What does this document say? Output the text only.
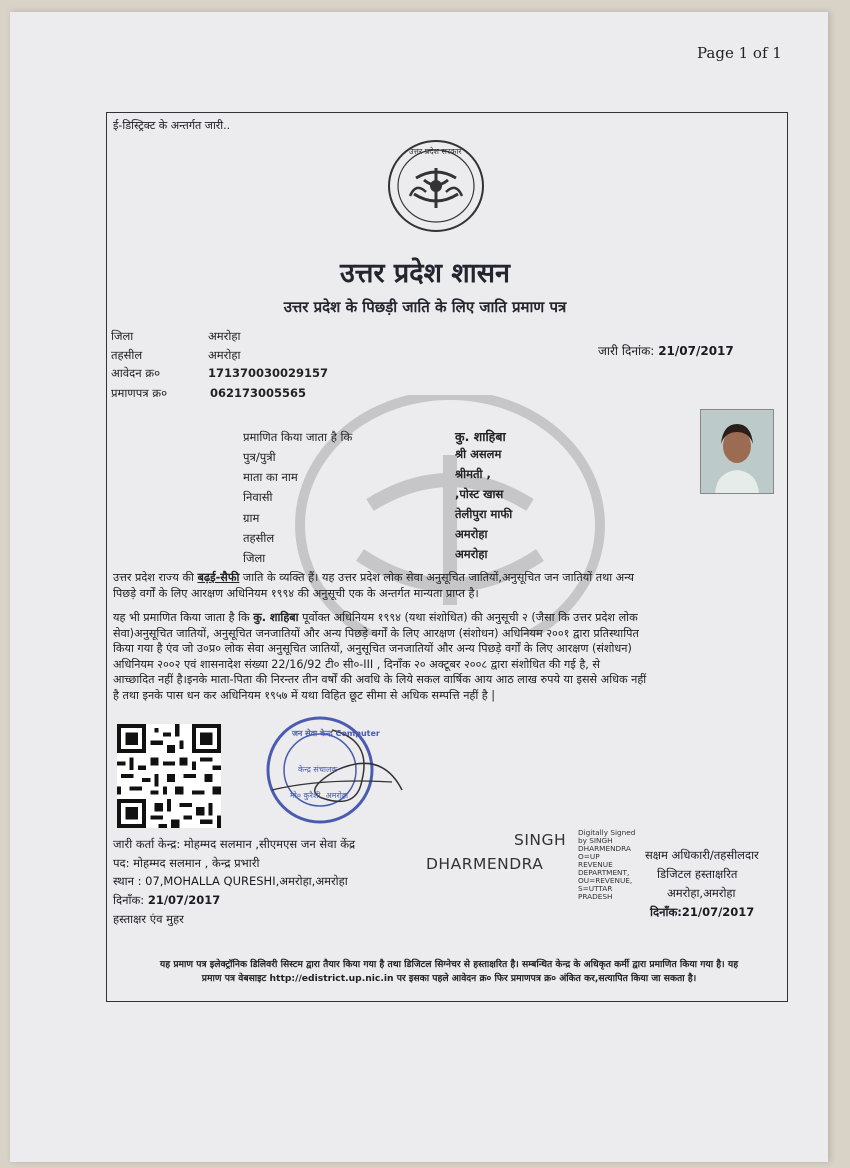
Page 1 of 1
ई-डिस्ट्रिक्ट के अन्तर्गत जारी..
उत्तर प्रदेश सरकार
उत्तर प्रदेश शासन
उत्तर प्रदेश के पिछड़ी जाति के लिए जाति प्रमाण पत्र
जिला	अमरोहा
तहसील	अमरोहा
आवेदन क्र०	171370030029157
प्रमाणपत्र क्र०	062173005565
जारी दिनांक: 21/07/2017
प्रमाणित किया जाता है कि	कु. शाहिबा
पुत्र/पुत्री	श्री असलम
माता का नाम	श्रीमती ,
निवासी	,पोस्ट खास
ग्राम	तेलीपुरा माफी
तहसील	अमरोहा
जिला	अमरोहा
उत्तर प्रदेश राज्य की बढ़ई-सैफी जाति के व्यक्ति हैं। यह उत्तर प्रदेश लोक सेवा अनुसूचित जातियों,अनुसूचित जन जातियों तथा अन्य
पिछड़े वर्गों के लिए आरक्षण अधिनियम १९९४ की अनुसूची एक के अन्तर्गत मान्यता प्राप्त है।
यह भी प्रमाणित किया जाता है कि कु. शाहिबा पूर्वोक्त अधिनियम १९९४ (यथा संशोधित) की अनुसूची २ (जैसा कि उत्तर प्रदेश लोक
सेवा)अनुसूचित जातियों, अनुसूचित जनजातियों और अन्य पिछड़े वर्गों के लिए आरक्षण (संशोधन) अधिनियम २००१ द्वारा प्रतिस्थापित
किया गया है एंव जो उ०प्र० लोक सेवा अनुसूचित जातियों, अनुसूचित जनजातियों और अन्य पिछड़े वर्गों के लिए आरक्षण (संशोधन)
अधिनियम २००२ एवं शासनादेश संख्या 22/16/92 टी० सी०-III , दिनाँक २० अक्टूबर २००८ द्वारा संशोधित की गई है, से
आच्छादित नहीं है।इनके माता-पिता की निरन्तर तीन वर्षों की अवधि के लिये सकल वार्षिक आय आठ लाख रुपये या इससे अधिक नहीं
है तथा इनके पास धन कर अधिनियम १९५७ में यथा विहित छूट सीमा से अधिक सम्पत्ति नहीं है |
जन सेवा केन्द्र Computer
केन्द्र संचालक
मो० कुरैशी, अमरोहा
जारी कर्ता केन्द्र: मोहम्मद सलमान ,सीएमएस जन सेवा केंद्र
पद: मोहम्मद सलमान , केन्द्र प्रभारी
स्थान : 07,MOHALLA QURESHI,अमरोहा,अमरोहा
दिनाँक: 21/07/2017
हस्ताक्षर एंव मुहर
SINGH
DHARMENDRA
Digitally Signed
by SINGH
DHARMENDRA
O=UP
REVENUE
DEPARTMENT,
OU=REVENUE,
S=UTTAR
PRADESH
सक्षम अधिकारी/तहसीलदार
डिजिटल हस्ताक्षरित
अमरोहा,अमरोहा
दिनाँक:21/07/2017
यह प्रमाण पत्र इलेक्ट्रॉनिक डिलिवरी सिस्टम द्वारा तैयार किया गया है तथा डिजिटल सिग्नेचर से हस्ताक्षरित है। सम्बन्धित केन्द्र के अधिकृत कर्मी द्वारा प्रमाणित किया गया है। यह
प्रमाण पत्र वेबसाइट http://edistrict.up.nic.in पर इसका पहले आवेदन क्र० फिर प्रमाणपत्र क्र० अंकित कर,सत्यापित किया जा सकता है।
